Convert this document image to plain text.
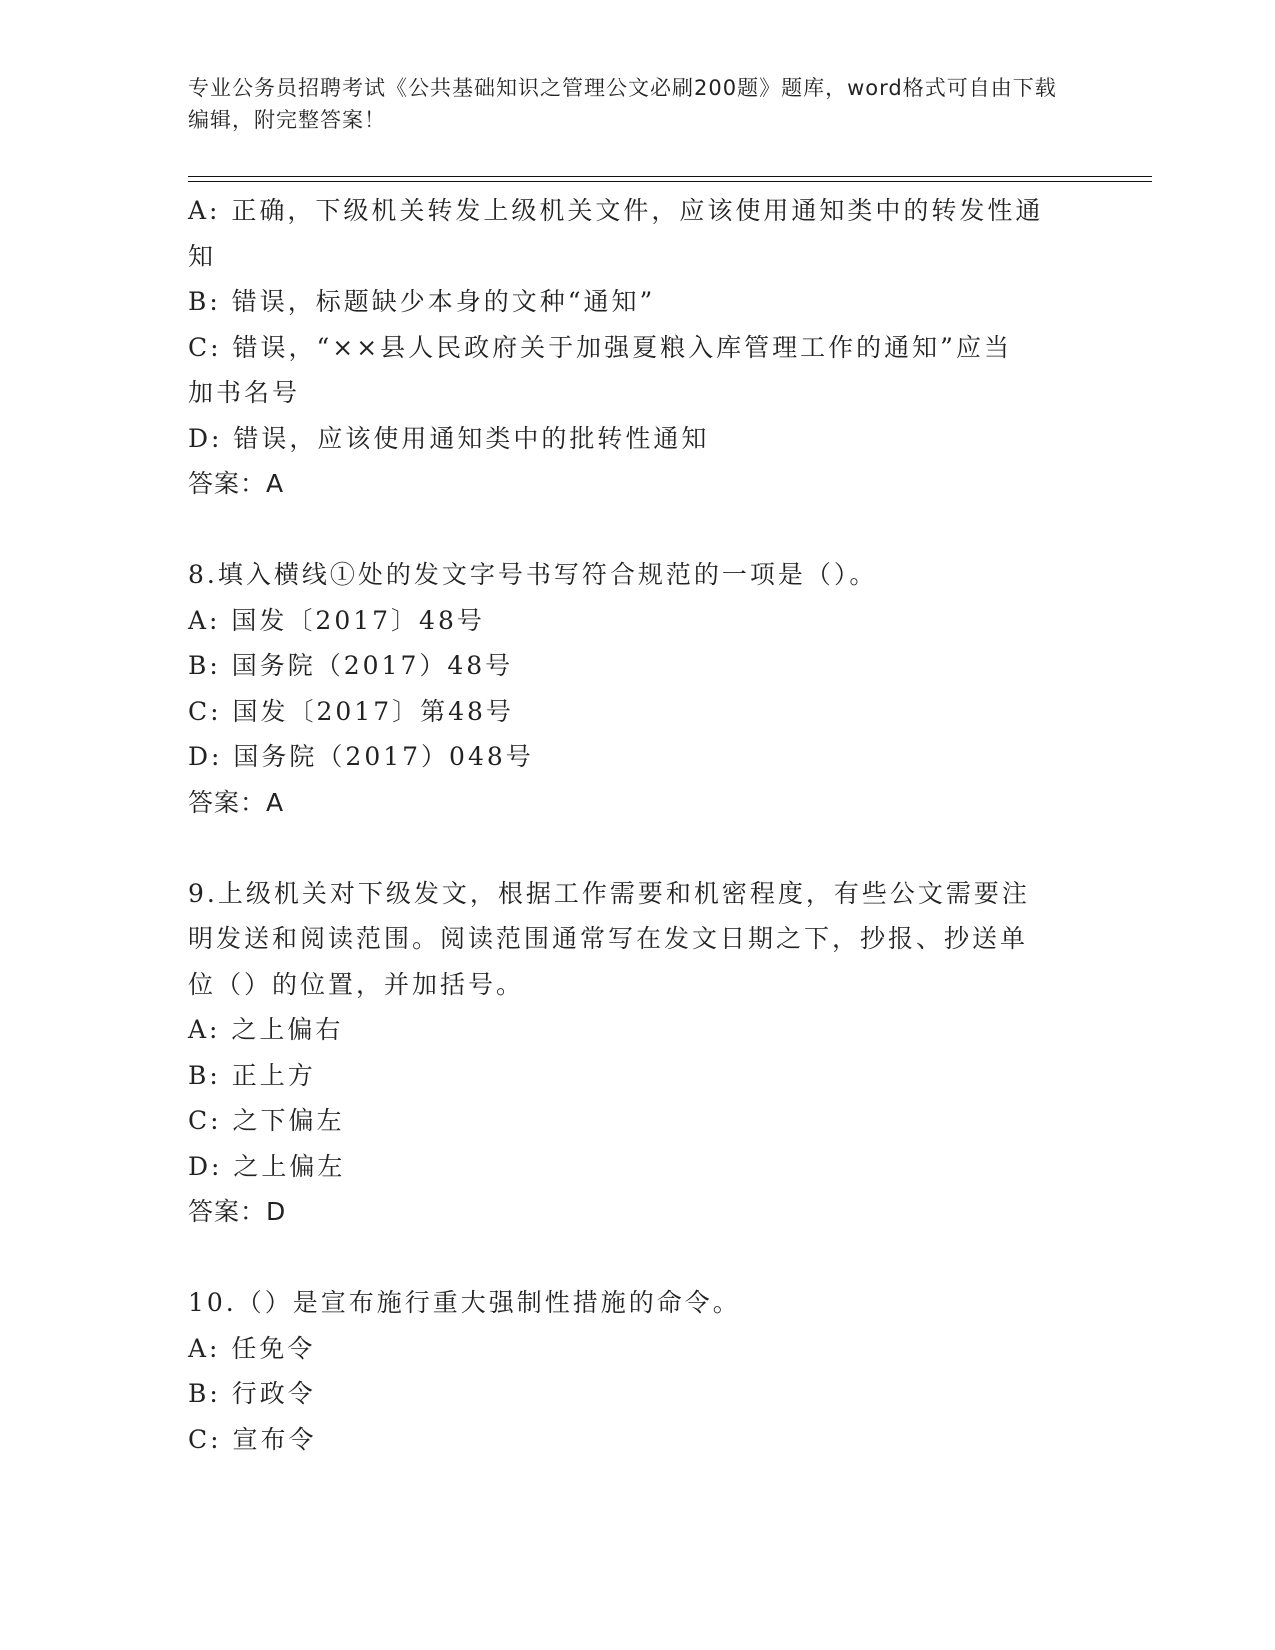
专业公务员招聘考试《公共基础知识之管理公文必刷200题》题库，word格式可自由下载编辑，附完整答案！
A: 正确，下级机关转发上级机关文件，应该使用通知类中的转发性通
知
B: 错误，标题缺少本身的文种“通知”
C: 错误，“××县人民政府关于加强夏粮入库管理工作的通知”应当
加书名号
D: 错误，应该使用通知类中的批转性通知
答案：A
8.填入横线①处的发文字号书写符合规范的一项是（）。
A: 国发〔2017〕48号
B: 国务院（2017）48号
C: 国发〔2017〕第48号
D: 国务院（2017）048号
答案：A
9.上级机关对下级发文，根据工作需要和机密程度，有些公文需要注
明发送和阅读范围。阅读范围通常写在发文日期之下，抄报、抄送单
位（）的位置，并加括号。
A: 之上偏右
B: 正上方
C: 之下偏左
D: 之上偏左
答案：D
10.（）是宣布施行重大强制性措施的命令。
A: 任免令
B: 行政令
C: 宣布令
